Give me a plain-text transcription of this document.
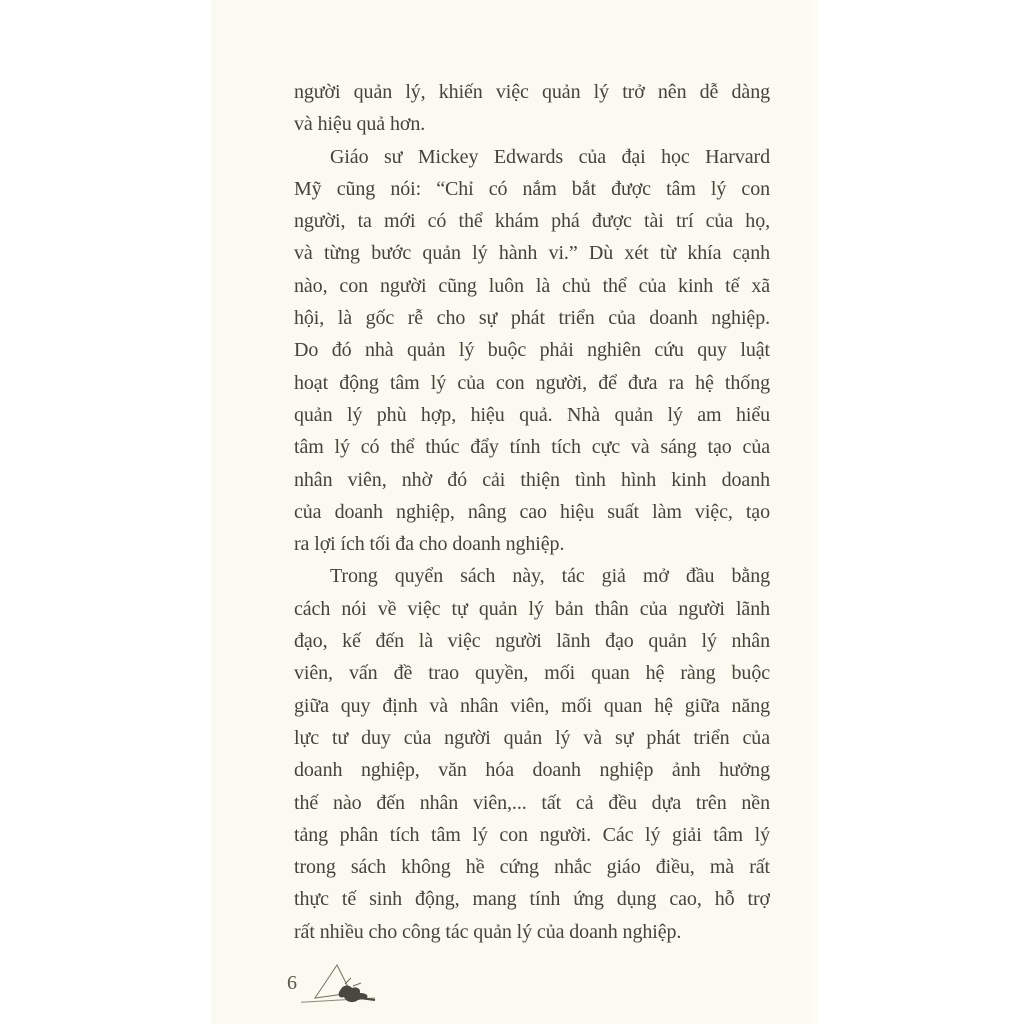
người quản lý, khiến việc quản lý trở nên dễ dàng
và hiệu quả hơn.
Giáo sư Mickey Edwards của đại học Harvard
Mỹ cũng nói: “Chỉ có nắm bắt được tâm lý con
người, ta mới có thể khám phá được tài trí của họ,
và từng bước quản lý hành vi.” Dù xét từ khía cạnh
nào, con người cũng luôn là chủ thể của kinh tế xã
hội, là gốc rễ cho sự phát triển của doanh nghiệp.
Do đó nhà quản lý buộc phải nghiên cứu quy luật
hoạt động tâm lý của con người, để đưa ra hệ thống
quản lý phù hợp, hiệu quả. Nhà quản lý am hiểu
tâm lý có thể thúc đẩy tính tích cực và sáng tạo của
nhân viên, nhờ đó cải thiện tình hình kinh doanh
của doanh nghiệp, nâng cao hiệu suất làm việc, tạo
ra lợi ích tối đa cho doanh nghiệp.
Trong quyển sách này, tác giả mở đầu bằng
cách nói về việc tự quản lý bản thân của người lãnh
đạo, kế đến là việc người lãnh đạo quản lý nhân
viên, vấn đề trao quyền, mối quan hệ ràng buộc
giữa quy định và nhân viên, mối quan hệ giữa năng
lực tư duy của người quản lý và sự phát triển của
doanh nghiệp, văn hóa doanh nghiệp ảnh hưởng
thế nào đến nhân viên,... tất cả đều dựa trên nền
tảng phân tích tâm lý con người. Các lý giải tâm lý
trong sách không hề cứng nhắc giáo điều, mà rất
thực tế sinh động, mang tính ứng dụng cao, hỗ trợ
rất nhiều cho công tác quản lý của doanh nghiệp.
6
